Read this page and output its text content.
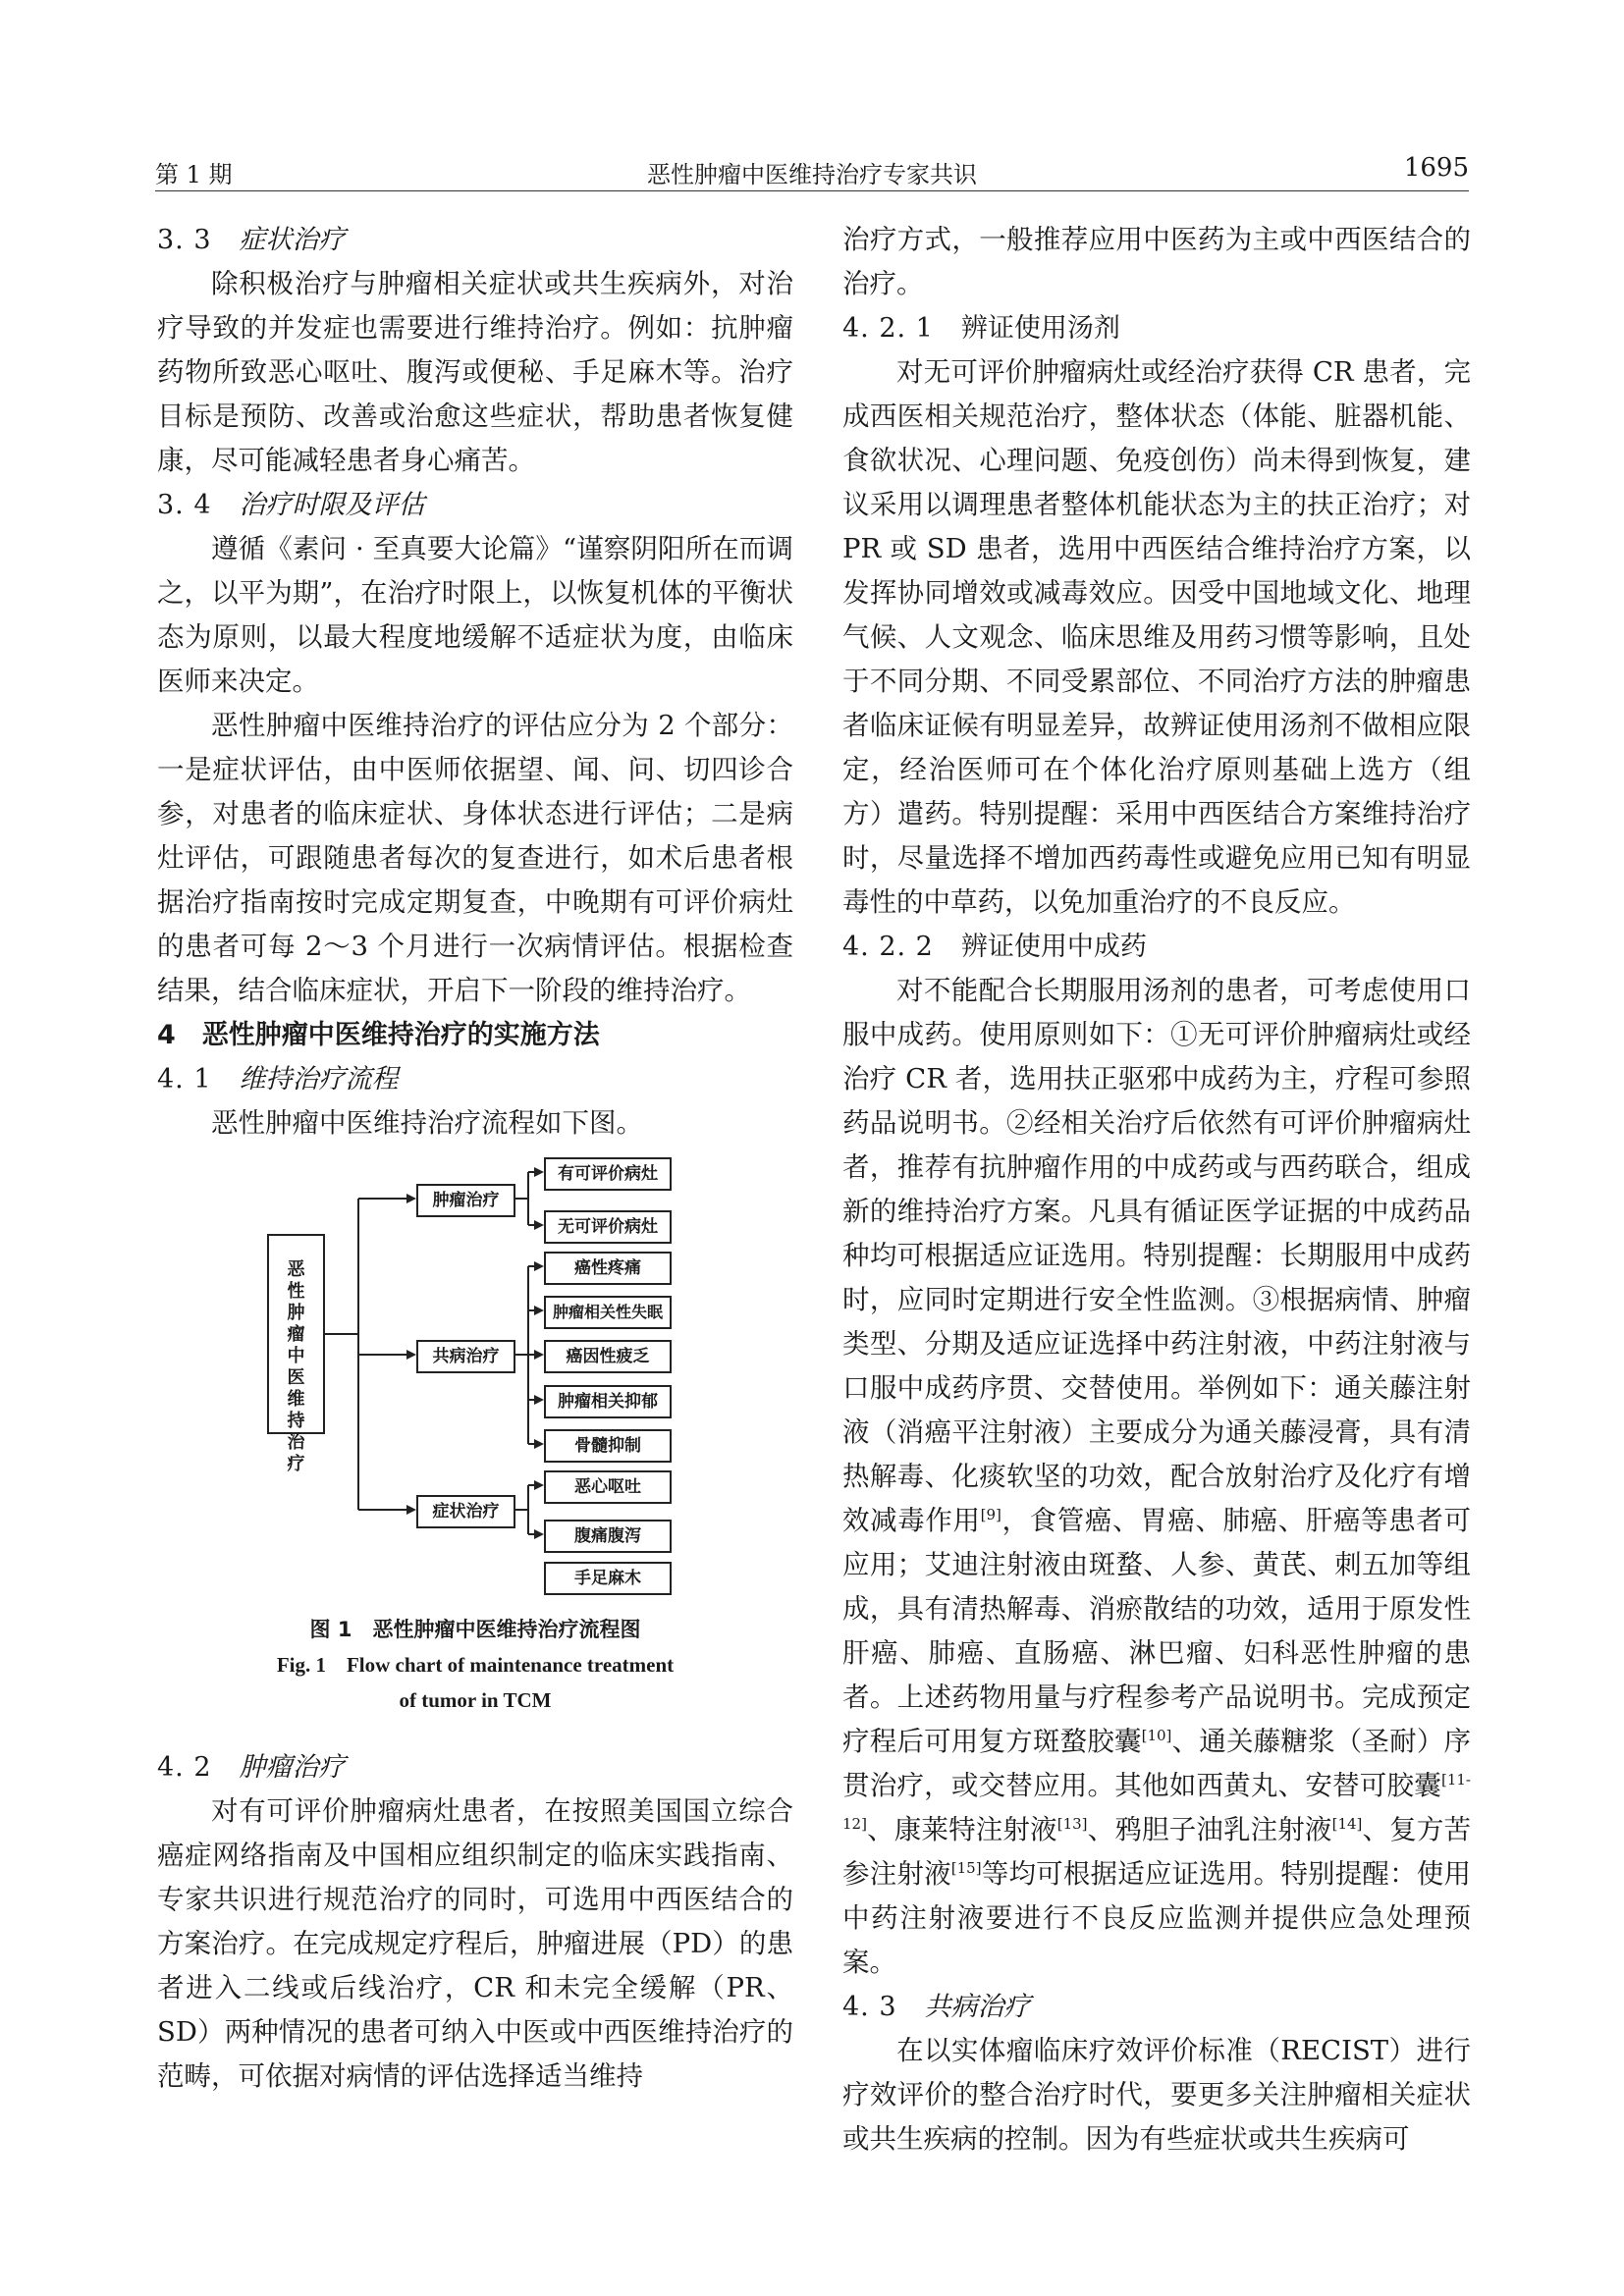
第 1 期	恶性肿瘤中医维持治疗专家共识	1695

3. 3 症状治疗

除积极治疗与肿瘤相关症状或共生疾病外，对治疗导致的并发症也需要进行维持治疗。例如：抗肿瘤药物所致恶心呕吐、腹泻或便秘、手足麻木等。治疗目标是预防、改善或治愈这些症状，帮助患者恢复健康，尽可能减轻患者身心痛苦。

3. 4 治疗时限及评估

遵循《素问 · 至真要大论篇》“谨察阴阳所在而调之，以平为期”，在治疗时限上，以恢复机体的平衡状态为原则，以最大程度地缓解不适症状为度，由临床医师来决定。

恶性肿瘤中医维持治疗的评估应分为 2 个部分：一是症状评估，由中医师依据望、闻、问、切四诊合参，对患者的临床症状、身体状态进行评估；二是病灶评估，可跟随患者每次的复查进行，如术后患者根据治疗指南按时完成定期复查，中晚期有可评价病灶的患者可每 2～3 个月进行一次病情评估。根据检查结果，结合临床症状，开启下一阶段的维持治疗。

4　恶性肿瘤中医维持治疗的实施方法

4. 1 维持治疗流程

恶性肿瘤中医维持治疗流程如下图。

恶
性
肿
瘤
中
医
维
持
治
疗
肿瘤治疗
共病治疗
症状治疗
有可评价病灶
无可评价病灶
癌性疼痛
肿瘤相关性失眠
癌因性疲乏
肿瘤相关抑郁
骨髓抑制
恶心呕吐
腹痛腹泻
手足麻木
图 1　恶性肿瘤中医维持治疗流程图
Fig. 1　Flow chart of maintenance treatment
of tumor in TCM

4. 2 肿瘤治疗

对有可评价肿瘤病灶患者，在按照美国国立综合癌症网络指南及中国相应组织制定的临床实践指南、专家共识进行规范治疗的同时，可选用中西医结合的方案治疗。在完成规定疗程后，肿瘤进展（PD）的患者进入二线或后线治疗，CR 和未完全缓解（PR、SD）两种情况的患者可纳入中医或中西医维持治疗的范畴，可依据对病情的评估选择适当维持

治疗方式，一般推荐应用中医药为主或中西医结合的治疗。

4. 2. 1 辨证使用汤剂

对无可评价肿瘤病灶或经治疗获得 CR 患者，完成西医相关规范治疗，整体状态（体能、脏器机能、食欲状况、心理问题、免疫创伤）尚未得到恢复，建议采用以调理患者整体机能状态为主的扶正治疗；对 PR 或 SD 患者，选用中西医结合维持治疗方案，以发挥协同增效或减毒效应。因受中国地域文化、地理气候、人文观念、临床思维及用药习惯等影响，且处于不同分期、不同受累部位、不同治疗方法的肿瘤患者临床证候有明显差异，故辨证使用汤剂不做相应限定，经治医师可在个体化治疗原则基础上选方（组方）遣药。特别提醒：采用中西医结合方案维持治疗时，尽量选择不增加西药毒性或避免应用已知有明显毒性的中草药，以免加重治疗的不良反应。

4. 2. 2 辨证使用中成药

对不能配合长期服用汤剂的患者，可考虑使用口服中成药。使用原则如下：①无可评价肿瘤病灶或经治疗 CR 者，选用扶正驱邪中成药为主，疗程可参照药品说明书。②经相关治疗后依然有可评价肿瘤病灶者，推荐有抗肿瘤作用的中成药或与西药联合，组成新的维持治疗方案。凡具有循证医学证据的中成药品种均可根据适应证选用。特别提醒：长期服用中成药时，应同时定期进行安全性监测。③根据病情、肿瘤类型、分期及适应证选择中药注射液，中药注射液与口服中成药序贯、交替使用。举例如下：通关藤注射液（消癌平注射液）主要成分为通关藤浸膏，具有清热解毒、化痰软坚的功效，配合放射治疗及化疗有增效减毒作用[9]，食管癌、胃癌、肺癌、肝癌等患者可应用；艾迪注射液由斑蝥、人参、黄芪、刺五加等组成，具有清热解毒、消瘀散结的功效，适用于原发性肝癌、肺癌、直肠癌、淋巴瘤、妇科恶性肿瘤的患者。上述药物用量与疗程参考产品说明书。完成预定疗程后可用复方斑蝥胶囊[10]、通关藤糖浆（圣耐）序贯治疗，或交替应用。其他如西黄丸、安替可胶囊[11-12]、康莱特注射液[13]、鸦胆子油乳注射液[14]、复方苦参注射液[15]等均可根据适应证选用。特别提醒：使用中药注射液要进行不良反应监测并提供应急处理预案。

4. 3 共病治疗

在以实体瘤临床疗效评价标准（RECIST）进行疗效评价的整合治疗时代，要更多关注肿瘤相关症状或共生疾病的控制。因为有些症状或共生疾病可
